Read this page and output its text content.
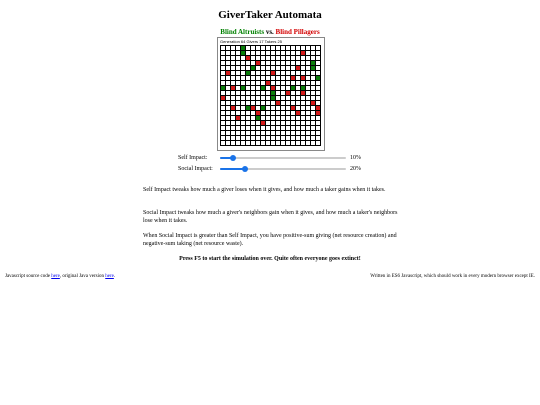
GiverTaker Automata
Blind Altruists vs. Blind Pillagers
Generation 64 Givers 17 Takers 25
Self Impact:	10%
Social Impact:	20%
Self Impact tweaks how much a giver loses when it gives, and how much a taker gains when it takes.
Social Impact tweaks how much a giver's neighbors gain when it gives, and how much a taker's neighbors lose when it takes.
When Social Impact is greater than Self Impact, you have positive-sum giving (net resource creation) and negative-sum taking (net resource waste).
Press F5 to start the simulation over. Quite often everyone goes extinct!
Javascript source code here, original Java version here.	Written in ES6 Javascript, which should work in every modern browser except IE.
